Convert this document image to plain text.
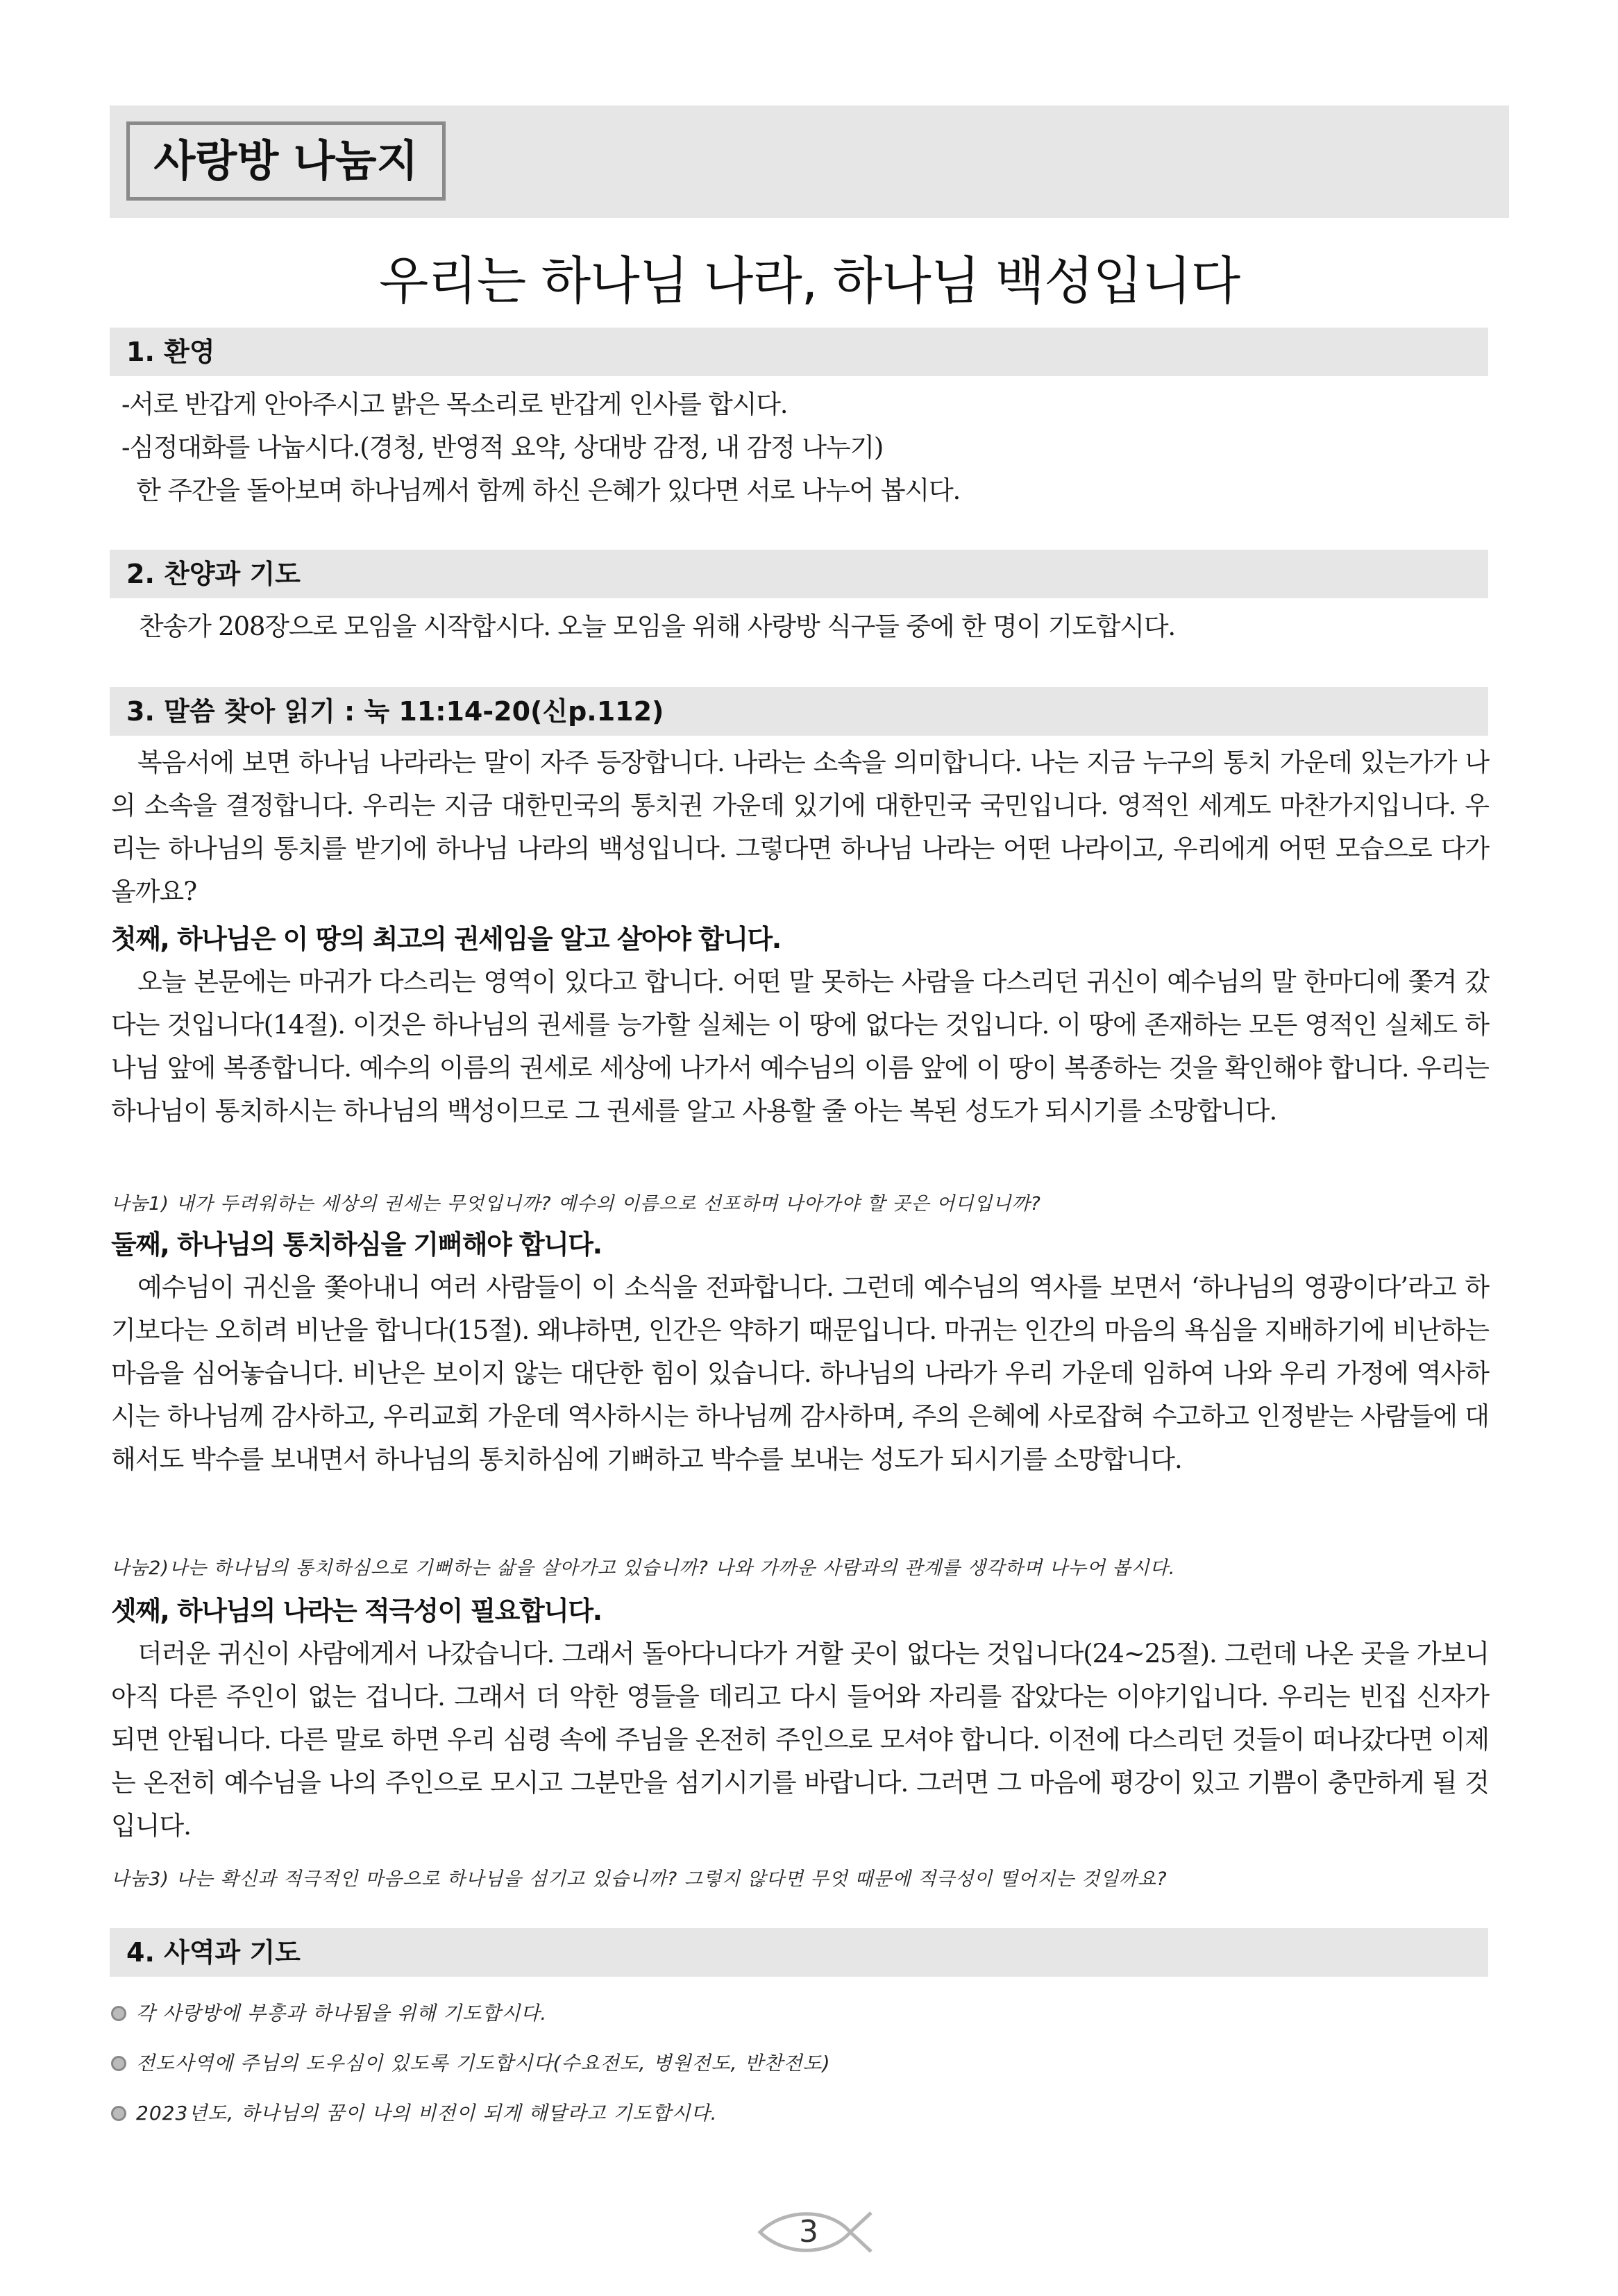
사랑방 나눔지
우리는 하나님 나라, 하나님 백성입니다
1. 환영
-서로 반갑게 안아주시고 밝은 목소리로 반갑게 인사를 합시다.
-심정대화를 나눕시다.(경청, 반영적 요약, 상대방 감정, 내 감정 나누기)
한 주간을 돌아보며 하나님께서 함께 하신 은혜가 있다면 서로 나누어 봅시다.
2. 찬양과 기도
찬송가 208장으로 모임을 시작합시다. 오늘 모임을 위해 사랑방 식구들 중에 한 명이 기도합시다.
3. 말씀 찾아 읽기 : 눅 11:14-20(신p.112)
복음서에 보면 하나님 나라라는 말이 자주 등장합니다. 나라는 소속을 의미합니다. 나는 지금 누구의 통치 가운데 있는가가 나의 소속을 결정합니다. 우리는 지금 대한민국의 통치권 가운데 있기에 대한민국 국민입니다. 영적인 세계도 마찬가지입니다. 우리는 하나님의 통치를 받기에 하나님 나라의 백성입니다. 그렇다면 하나님 나라는 어떤 나라이고, 우리에게 어떤 모습으로 다가올까요?
첫째, 하나님은 이 땅의 최고의 권세임을 알고 살아야 합니다.
오늘 본문에는 마귀가 다스리는 영역이 있다고 합니다. 어떤 말 못하는 사람을 다스리던 귀신이 예수님의 말 한마디에 쫓겨 갔다는 것입니다(14절). 이것은 하나님의 권세를 능가할 실체는 이 땅에 없다는 것입니다. 이 땅에 존재하는 모든 영적인 실체도 하나님 앞에 복종합니다. 예수의 이름의 권세로 세상에 나가서 예수님의 이름 앞에 이 땅이 복종하는 것을 확인해야 합니다. 우리는 하나님이 통치하시는 하나님의 백성이므로 그 권세를 알고 사용할 줄 아는 복된 성도가 되시기를 소망합니다.
나눔1) 내가 두려워하는 세상의 권세는 무엇입니까? 예수의 이름으로 선포하며 나아가야 할 곳은 어디입니까?
둘째, 하나님의 통치하심을 기뻐해야 합니다.
예수님이 귀신을 쫓아내니 여러 사람들이 이 소식을 전파합니다. 그런데 예수님의 역사를 보면서 ‘하나님의 영광이다’라고 하기보다는 오히려 비난을 합니다(15절). 왜냐하면, 인간은 약하기 때문입니다. 마귀는 인간의 마음의 욕심을 지배하기에 비난하는 마음을 심어놓습니다. 비난은 보이지 않는 대단한 힘이 있습니다. 하나님의 나라가 우리 가운데 임하여 나와 우리 가정에 역사하시는 하나님께 감사하고, 우리교회 가운데 역사하시는 하나님께 감사하며, 주의 은혜에 사로잡혀 수고하고 인정받는 사람들에 대해서도 박수를 보내면서 하나님의 통치하심에 기뻐하고 박수를 보내는 성도가 되시기를 소망합니다.
나눔2)나는 하나님의 통치하심으로 기뻐하는 삶을 살아가고 있습니까? 나와 가까운 사람과의 관계를 생각하며 나누어 봅시다.
셋째, 하나님의 나라는 적극성이 필요합니다.
더러운 귀신이 사람에게서 나갔습니다. 그래서 돌아다니다가 거할 곳이 없다는 것입니다(24~25절). 그런데 나온 곳을 가보니 아직 다른 주인이 없는 겁니다. 그래서 더 악한 영들을 데리고 다시 들어와 자리를 잡았다는 이야기입니다. 우리는 빈집 신자가 되면 안됩니다. 다른 말로 하면 우리 심령 속에 주님을 온전히 주인으로 모셔야 합니다. 이전에 다스리던 것들이 떠나갔다면 이제는 온전히 예수님을 나의 주인으로 모시고 그분만을 섬기시기를 바랍니다. 그러면 그 마음에 평강이 있고 기쁨이 충만하게 될 것입니다.
나눔3) 나는 확신과 적극적인 마음으로 하나님을 섬기고 있습니까? 그렇지 않다면 무엇 때문에 적극성이 떨어지는 것일까요?
4. 사역과 기도
각 사랑방에 부흥과 하나됨을 위해 기도합시다.
전도사역에 주님의 도우심이 있도록 기도합시다(수요전도, 병원전도, 반찬전도)
2023년도, 하나님의 꿈이 나의 비전이 되게 해달라고 기도합시다.
3
